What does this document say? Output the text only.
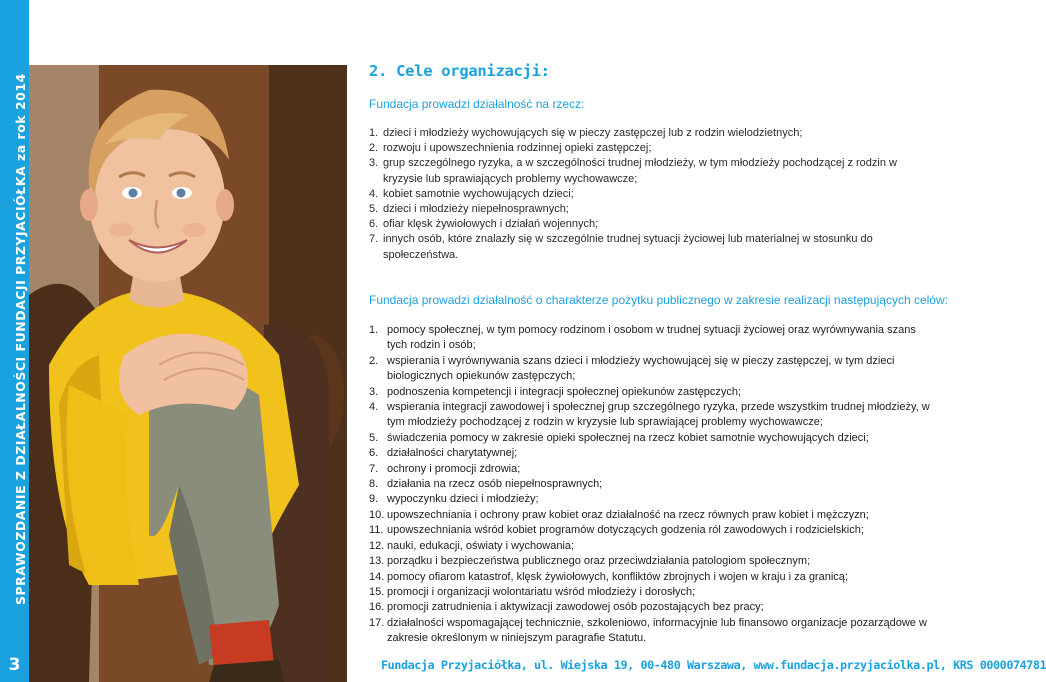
SPRAWOZDANIE Z DZIAŁALNOŚCI FUNDACJI PRZYJACIÓŁKA za rok 2014
3
2. Cele organizacji:

Fundacja prowadzi działalność na rzecz:

1. dzieci i młodzieży wychowujących się w pieczy zastępczej lub z rodzin wielodzietnych;
2. rozwoju i upowszechnienia rodzinnej opieki zastępczej;
3. grup szczególnego ryzyka, a w szczególności trudnej młodzieży, w tym młodzieży pochodzącej z rodzin w kryzysie lub sprawiających problemy wychowawcze;
4. kobiet samotnie wychowujących dzieci;
5. dzieci i młodzieży niepełnosprawnych;
6. ofiar klęsk żywiołowych i działań wojennych;
7. innych osób, które znalazły się w szczególnie trudnej sytuacji życiowej lub materialnej w stosunku do społeczeństwa.

Fundacja prowadzi działalność o charakterze pożytku publicznego w zakresie realizacji następujących celów:

1. pomocy społecznej, w tym pomocy rodzinom i osobom w trudnej sytuacji życiowej oraz wyrównywania szans tych rodzin i osób;
2. wspierania i wyrównywania szans dzieci i młodzieży wychowującej się w pieczy zastępczej, w tym dzieci biologicznych opiekunów zastępczych;
3. podnoszenia kompetencji i integracji społecznej opiekunów zastępczych;
4. wspierania integracji zawodowej i społecznej grup szczególnego ryzyka, przede wszystkim trudnej młodzieży, w tym młodzieży pochodzącej z rodzin w kryzysie lub sprawiającej problemy wychowawcze;
5. świadczenia pomocy w zakresie opieki społecznej na rzecz kobiet samotnie wychowujących dzieci;
6. działalności charytatywnej;
7. ochrony i promocji zdrowia;
8. działania na rzecz osób niepełnosprawnych;
9. wypoczynku dzieci i młodzieży;
10. upowszechniania i ochrony praw kobiet oraz działalność na rzecz równych praw kobiet i mężczyzn;
11. upowszechniania wśród kobiet programów dotyczących godzenia ról zawodowych i rodzicielskich;
12. nauki, edukacji, oświaty i wychowania;
13. porządku i bezpieczeństwa publicznego oraz przeciwdziałania patologiom społecznym;
14. pomocy ofiarom katastrof, klęsk żywiołowych, konfliktów zbrojnych i wojen w kraju i za granicą;
15. promocji i organizacji wolontariatu wśród młodzieży i dorosłych;
16. promocji zatrudnienia i aktywizacji zawodowej osób pozostających bez pracy;
17. działalności wspomagającej technicznie, szkoleniowo, informacyjnie lub finansowo organizacje pozarządowe w zakresie określonym w niniejszym paragrafie Statutu.

Fundacja Przyjaciółka, ul. Wiejska 19, 00-480 Warszawa, www.fundacja.przyjaciolka.pl, KRS 0000074781
